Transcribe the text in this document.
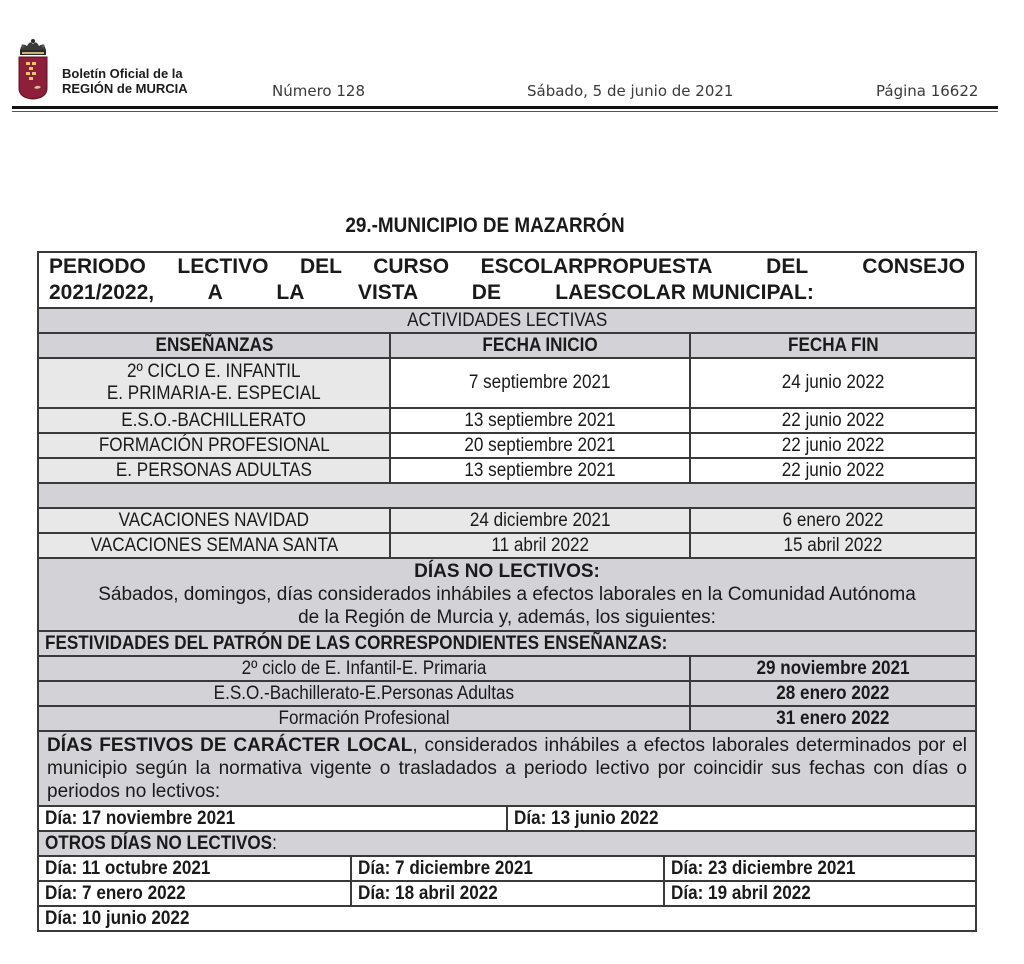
Boletín Oficial de la
REGIÓN de MURCIA	Número 128	Sábado, 5 de junio de 2021	Página 16622
29.-MUNICIPIO DE MAZARRÓN
PERIODO LECTIVO DEL CURSO ESCOLAR 2021/2022, A LA VISTA DE LA
PROPUESTA DEL CONSEJO ESCOLAR MUNICIPAL:
ACTIVIDADES LECTIVAS
ENSEÑANZAS	FECHA INICIO	FECHA FIN
2º CICLO E. INFANTIL
E. PRIMARIA-E. ESPECIAL
7 septiembre 2021	24 junio 2022
E.S.O.-BACHILLERATO	13 septiembre 2021	22 junio 2022
FORMACIÓN PROFESIONAL	20 septiembre 2021	22 junio 2022
E. PERSONAS ADULTAS	13 septiembre 2021	22 junio 2022
VACACIONES NAVIDAD	24 diciembre 2021	6 enero 2022
VACACIONES SEMANA SANTA	11 abril 2022	15 abril 2022
DÍAS NO LECTIVOS:
Sábados, domingos, días considerados inhábiles a efectos laborales en la Comunidad Autónoma
de la Región de Murcia y, además, los siguientes:
FESTIVIDADES DEL PATRÓN DE LAS CORRESPONDIENTES ENSEÑANZAS:
2º ciclo de E. Infantil-E. Primaria	29 noviembre 2021
E.S.O.-Bachillerato-E.Personas Adultas	28 enero 2022
Formación Profesional	31 enero 2022
DÍAS FESTIVOS DE CARÁCTER LOCAL, considerados inhábiles a efectos laborales determinados por el municipio según la normativa vigente o trasladados a periodo lectivo por coincidir sus fechas con días o periodos no lectivos:
Día: 17 noviembre 2021	Día: 13 junio 2022
OTROS DÍAS NO LECTIVOS:
Día: 11 octubre 2021	Día: 7 diciembre 2021	Día: 23 diciembre 2021
Día: 7 enero 2022	Día: 18 abril 2022	Día: 19 abril 2022
Día: 10 junio 2022
